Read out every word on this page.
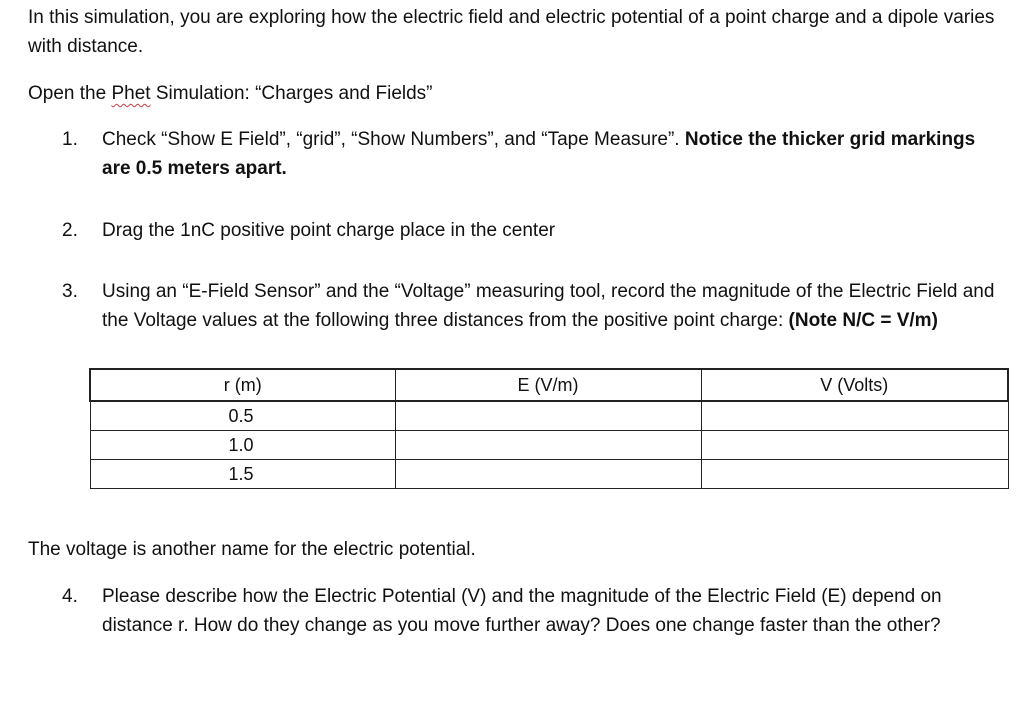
In this simulation, you are exploring how the electric field and electric potential of a point charge and a dipole varies with distance.

Open the Phet Simulation: “Charges and Fields”

1. Check “Show E Field”, “grid”, “Show Numbers”, and “Tape Measure”. Notice the thicker grid markings are 0.5 meters apart.

2. Drag the 1nC positive point charge place in the center

3. Using an “E-Field Sensor” and the “Voltage” measuring tool, record the magnitude of the Electric Field and the Voltage values at the following three distances from the positive point charge: (Note N/C = V/m)

r (m)	E (V/m)	V (Volts)
0.5		
1.0		
1.5		

The voltage is another name for the electric potential.

4. Please describe how the Electric Potential (V) and the magnitude of the Electric Field (E) depend on distance r. How do they change as you move further away? Does one change faster than the other?
